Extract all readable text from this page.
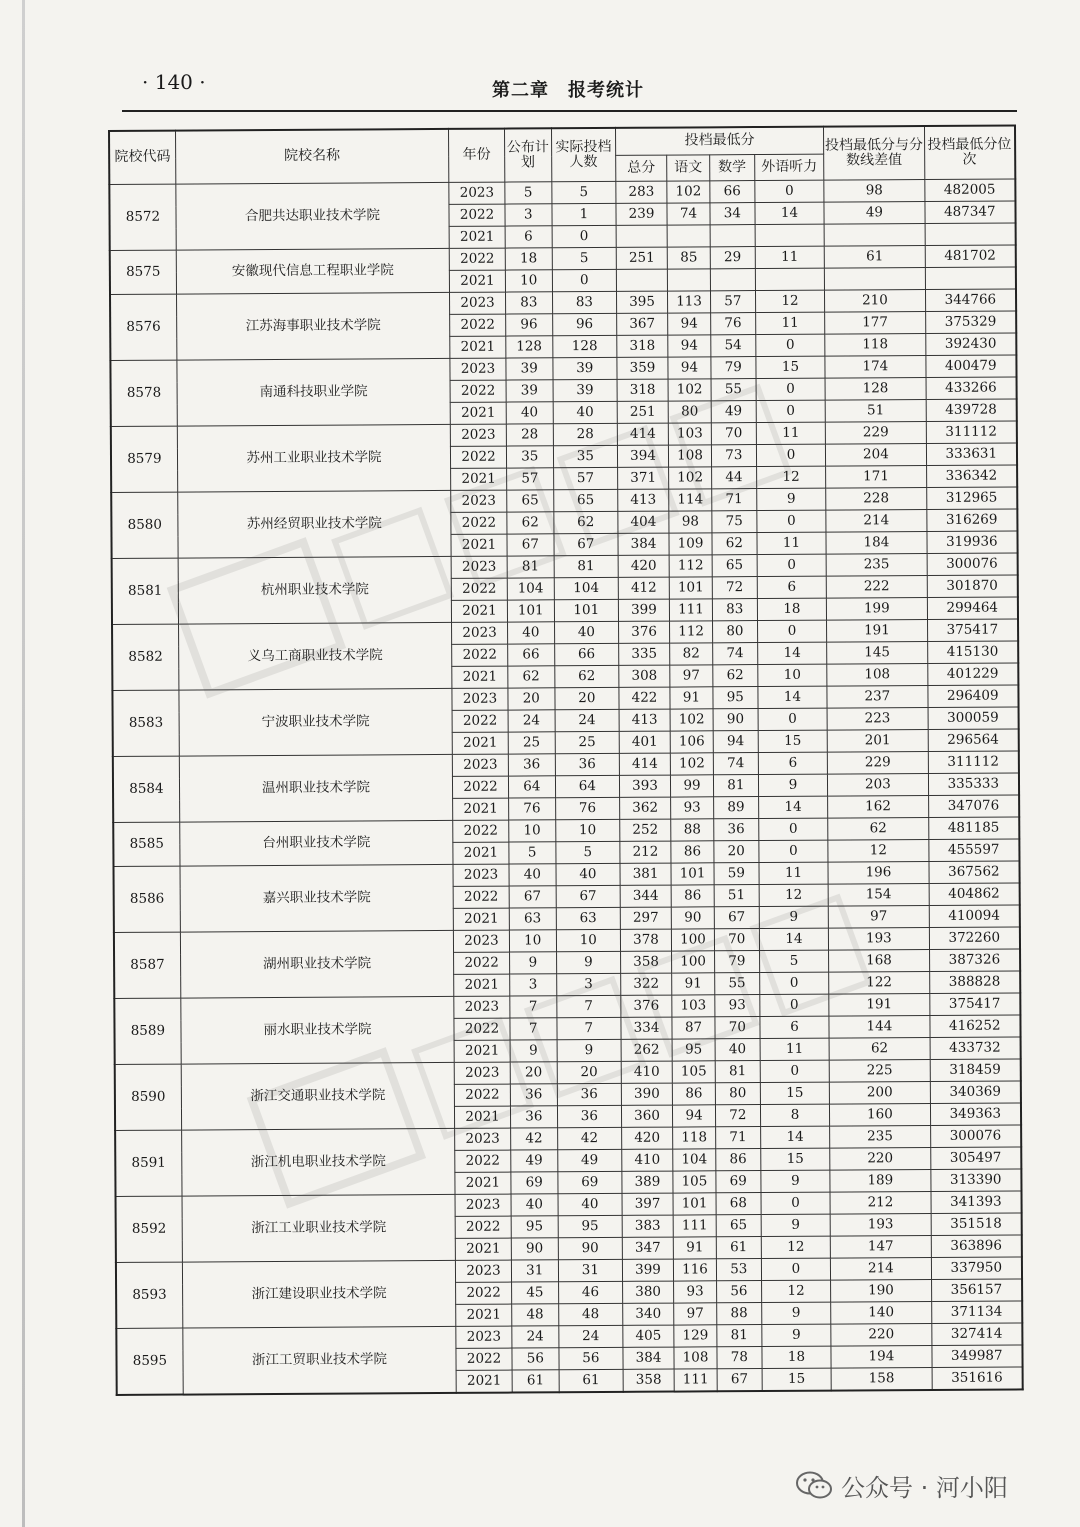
· 140 ·	第二章　报考统计
院校代码	院校名称	年份	公布计划	实际投档人数	投档最低分				投档最低分与分数线差值	投档最低分位次
					总分	语文	数学	外语听力		
8572	合肥共达职业技术学院	2023	5	5	283	102	66	0	98	482005
		2022	3	1	239	74	34	14	49	487347
		2021	6	0						
8575	安徽现代信息工程职业学院	2022	18	5	251	85	29	11	61	481702
		2021	10	0						
8576	江苏海事职业技术学院	2023	83	83	395	113	57	12	210	344766
		2022	96	96	367	94	76	11	177	375329
		2021	128	128	318	94	54	0	118	392430
8578	南通科技职业学院	2023	39	39	359	94	79	15	174	400479
		2022	39	39	318	102	55	0	128	433266
		2021	40	40	251	80	49	0	51	439728
8579	苏州工业职业技术学院	2023	28	28	414	103	70	11	229	311112
		2022	35	35	394	108	73	0	204	333631
		2021	57	57	371	102	44	12	171	336342
8580	苏州经贸职业技术学院	2023	65	65	413	114	71	9	228	312965
		2022	62	62	404	98	75	0	214	316269
		2021	67	67	384	109	62	11	184	319936
8581	杭州职业技术学院	2023	81	81	420	112	65	0	235	300076
		2022	104	104	412	101	72	6	222	301870
		2021	101	101	399	111	83	18	199	299464
8582	义乌工商职业技术学院	2023	40	40	376	112	80	0	191	375417
		2022	66	66	335	82	74	14	145	415130
		2021	62	62	308	97	62	10	108	401229
8583	宁波职业技术学院	2023	20	20	422	91	95	14	237	296409
		2022	24	24	413	102	90	0	223	300059
		2021	25	25	401	106	94	15	201	296564
8584	温州职业技术学院	2023	36	36	414	102	74	6	229	311112
		2022	64	64	393	99	81	9	203	335333
		2021	76	76	362	93	89	14	162	347076
8585	台州职业技术学院	2022	10	10	252	88	36	0	62	481185
		2021	5	5	212	86	20	0	12	455597
8586	嘉兴职业技术学院	2023	40	40	381	101	59	11	196	367562
		2022	67	67	344	86	51	12	154	404862
		2021	63	63	297	90	67	9	97	410094
8587	湖州职业技术学院	2023	10	10	378	100	70	14	193	372260
		2022	9	9	358	100	79	5	168	387326
		2021	3	3	322	91	55	0	122	388828
8589	丽水职业技术学院	2023	7	7	376	103	93	0	191	375417
		2022	7	7	334	87	70	6	144	416252
		2021	9	9	262	95	40	11	62	433732
8590	浙江交通职业技术学院	2023	20	20	410	105	81	0	225	318459
		2022	36	36	390	86	80	15	200	340369
		2021	36	36	360	94	72	8	160	349363
8591	浙江机电职业技术学院	2023	42	42	420	118	71	14	235	300076
		2022	49	49	410	104	86	15	220	305497
		2021	69	69	389	105	69	9	189	313390
8592	浙江工业职业技术学院	2023	40	40	397	101	68	0	212	341393
		2022	95	95	383	111	65	9	193	351518
		2021	90	90	347	91	61	12	147	363896
8593	浙江建设职业技术学院	2023	31	31	399	116	53	0	214	337950
		2022	45	46	380	93	56	12	190	356157
		2021	48	48	340	97	88	9	140	371134
8595	浙江工贸职业技术学院	2023	24	24	405	129	81	9	220	327414
		2022	56	56	384	108	78	18	194	349987
		2021	61	61	358	111	67	15	158	351616
公众号 · 河小阳
